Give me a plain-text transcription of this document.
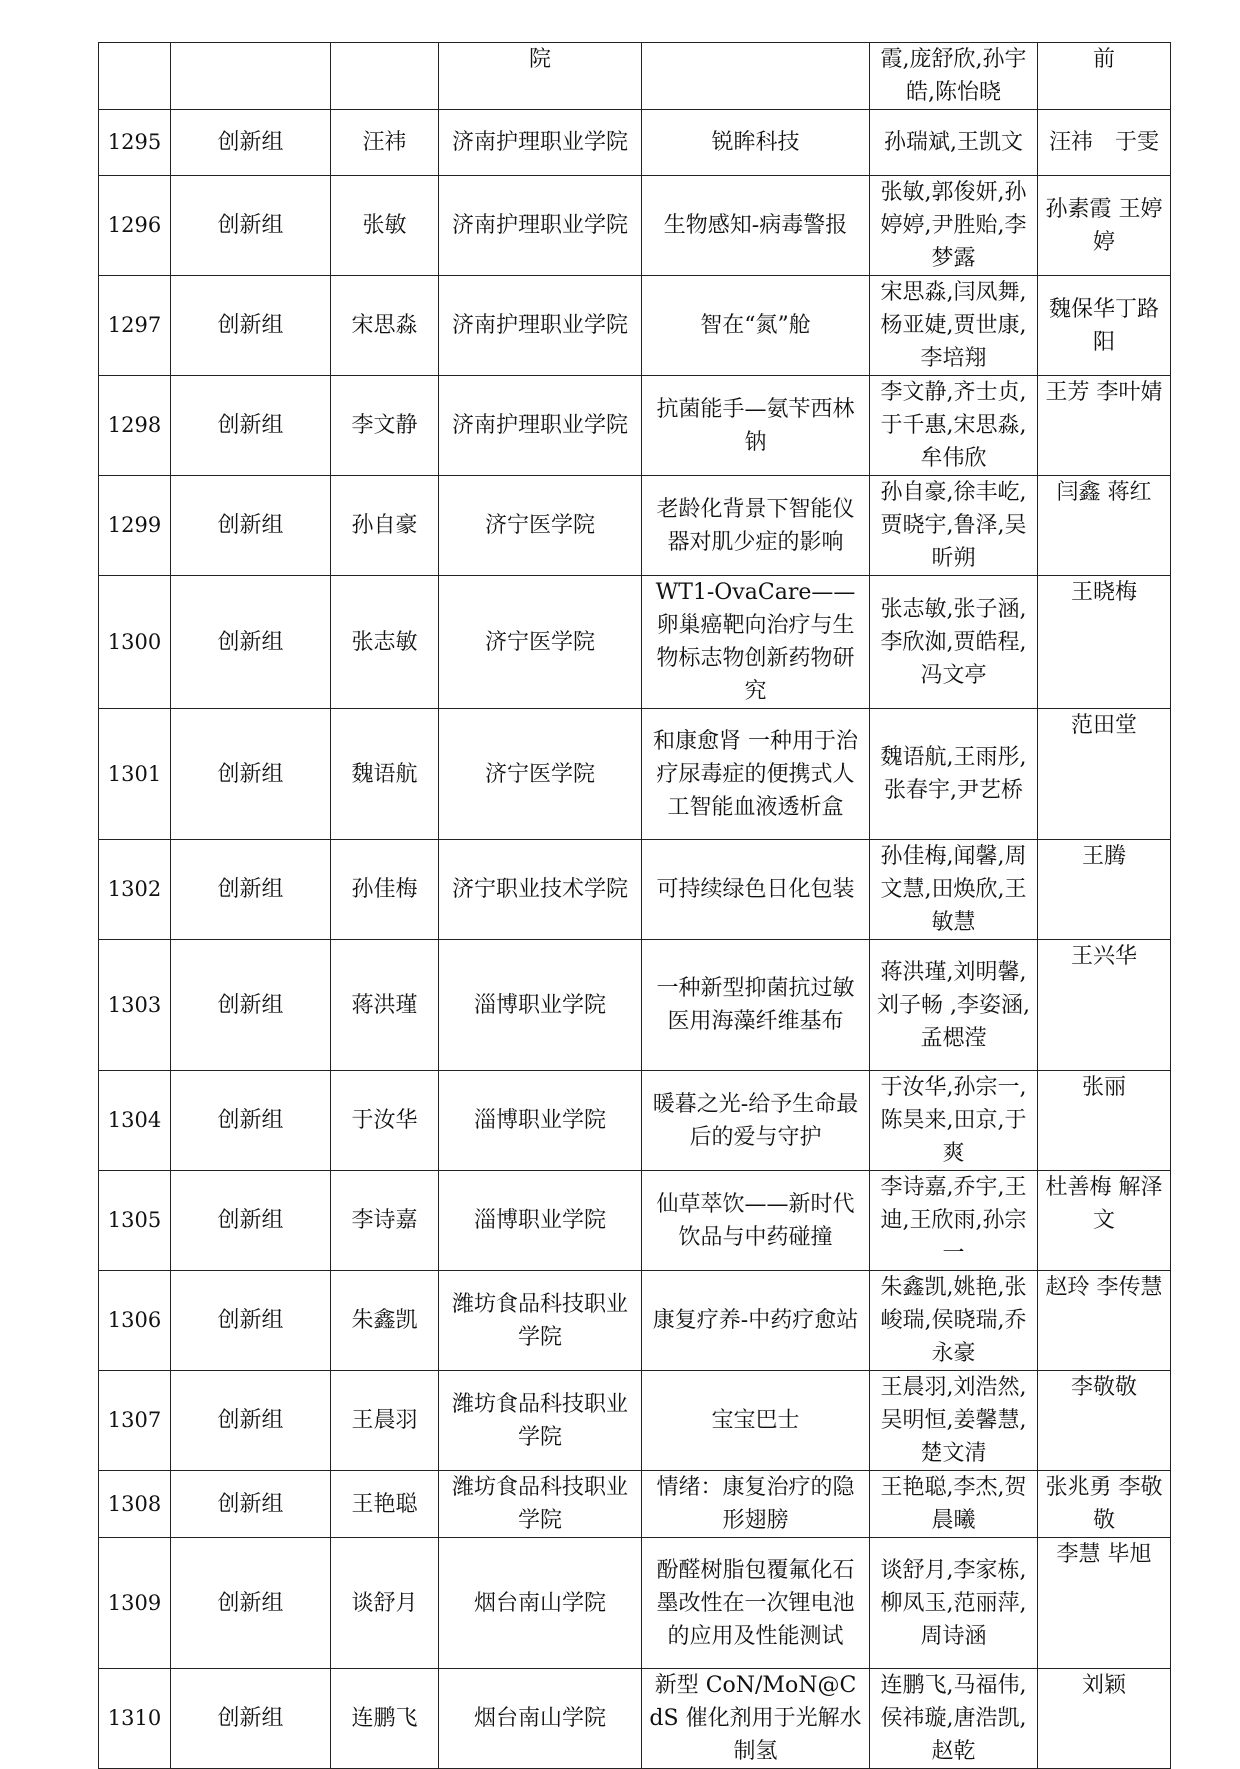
			院		霞,庞舒欣,孙宇皓,陈怡晓	前
1295	创新组	汪祎	济南护理职业学院	锐眸科技	孙瑞斌,王凯文	汪祎　于雯
1296	创新组	张敏	济南护理职业学院	生物感知-病毒警报	张敏,郭俊妍,孙婷婷,尹胜贻,李梦露	孙素霞 王婷婷
1297	创新组	宋思淼	济南护理职业学院	智在“氮”舱	宋思淼,闫凤舞,杨亚婕,贾世康,李培翔	魏保华丁路阳
1298	创新组	李文静	济南护理职业学院	抗菌能手—氨苄西林钠	李文静,齐士贞,于千惠,宋思淼,牟伟欣	王芳 李叶婧
1299	创新组	孙自豪	济宁医学院	老龄化背景下智能仪器对肌少症的影响	孙自豪,徐丰屹,贾晓宇,鲁泽,吴昕朔	闫鑫 蒋红
1300	创新组	张志敏	济宁医学院	WT1-OvaCare——卵巢癌靶向治疗与生物标志物创新药物研究	张志敏,张子涵,李欣洳,贾皓程,冯文亭	王晓梅
1301	创新组	魏语航	济宁医学院	和康愈肾 一种用于治疗尿毒症的便携式人工智能血液透析盒	魏语航,王雨彤,张春宇,尹艺桥	范田堂
1302	创新组	孙佳梅	济宁职业技术学院	可持续绿色日化包装	孙佳梅,闻馨,周文慧,田焕欣,王敏慧	王腾
1303	创新组	蒋洪瑾	淄博职业学院	一种新型抑菌抗过敏医用海藻纤维基布	蒋洪瑾,刘明馨,刘子畅 ,李姿涵,孟楒滢	王兴华
1304	创新组	于汝华	淄博职业学院	暖暮之光-给予生命最后的爱与守护	于汝华,孙宗一,陈昊来,田京,于爽	张丽
1305	创新组	李诗嘉	淄博职业学院	仙草萃饮——新时代饮品与中药碰撞	李诗嘉,乔宇,王迪,王欣雨,孙宗一	杜善梅 解泽文
1306	创新组	朱鑫凯	潍坊食品科技职业学院	康复疗养-中药疗愈站	朱鑫凯,姚艳,张峻瑞,侯晓瑞,乔永豪	赵玲 李传慧
1307	创新组	王晨羽	潍坊食品科技职业学院	宝宝巴士	王晨羽,刘浩然,吴明恒,姜馨慧,楚文清	李敬敬
1308	创新组	王艳聪	潍坊食品科技职业学院	情绪：康复治疗的隐形翅膀	王艳聪,李杰,贺晨曦	张兆勇 李敬敬
1309	创新组	谈舒月	烟台南山学院	酚醛树脂包覆氟化石墨改性在一次锂电池的应用及性能测试	谈舒月,李家栋,柳凤玉,范丽萍,周诗涵	李慧 毕旭
1310	创新组	连鹏飞	烟台南山学院	新型 CoN/MoN@CdS 催化剂用于光解水制氢	连鹏飞,马福伟,侯祎璇,唐浩凯,赵乾	刘颖
